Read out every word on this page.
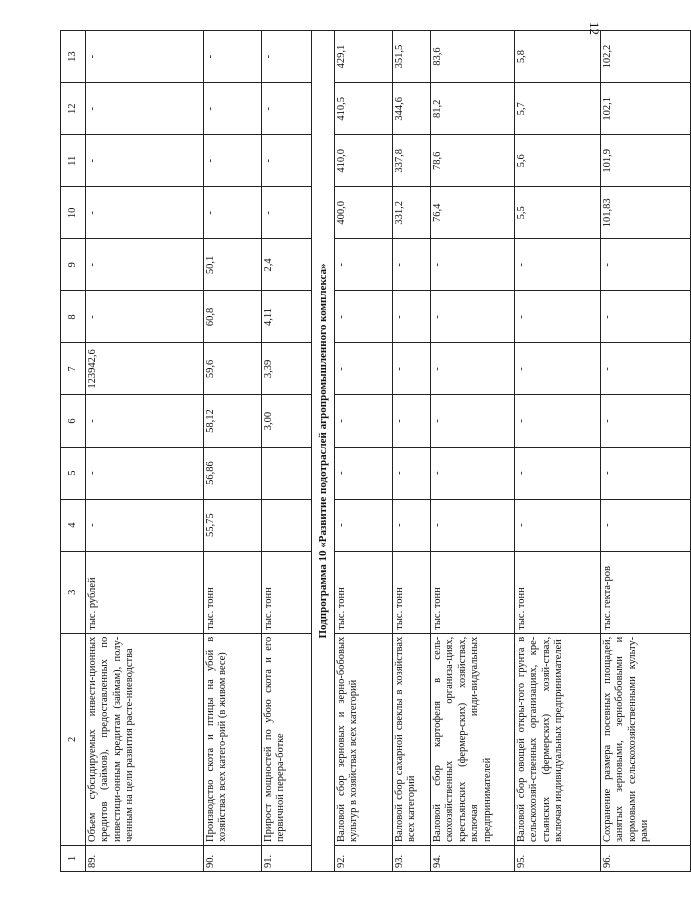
12
1	2	3	4	5	6	7	8	9	10	11	12	13
89.	Объем субсидируемых инвести-ционных кредитов (займов), предоставленных по инвестици-онным кредитам (займам), полу-ченным на цели развития расте-ниеводства	тыс. рублей	-	-	-	123942,6	-	-	-	-	-	-
90.	Производство скота и птицы на убой в хозяйствах всех катего-рий (в живом весе)	тыс. тонн	55,75	56,86	58,12	59,6	60,8	50,1	-	-	-	-
91.	Прирост мощностей по убою скота и его первичной перера-ботке	тыс. тонн			3,00	3,39	4,11	2,4	-	-	-	-
Подпрограмма 10 «Развитие подотраслей агропромышленного комплекса»												
92.	Валовой сбор зерновых и зерно-бобовых культур в хозяйствах всех категорий	тыс. тонн	-	-	-	-	-	-	400,0	410,0	410,5	429,1
93.	Валовой сбор сахарной свеклы в хозяйствах всех категорий	тыс. тонн	-	-	-	-	-	-	331,2	337,8	344,6	351,5
94.	Валовой сбор картофеля в сель-скохозяйственных организа-циях, крестьянских (фермер-ских) хозяйствах, включая инди-видуальных предпринимателей	тыс. тонн	-	-	-	-	-	-	76,4	78,6	81,2	83,6
95.	Валовой сбор овощей откры-того грунта в сельскохозяй-ственных организациях, кре-стьянских (фермерских) хозяй-ствах, включая индивидуальных предпринимателей	тыс. тонн	-	-	-	-	-	-	5,5	5,6	5,7	5,8
96.	Сохранение размера посевных площадей, занятых зерновыми, зернобобовыми и кормовыми сельскохозяйственными культу-рами	тыс. гекта-ров	-	-	-	-	-	-	101,83	101,9	102,1	102,2
